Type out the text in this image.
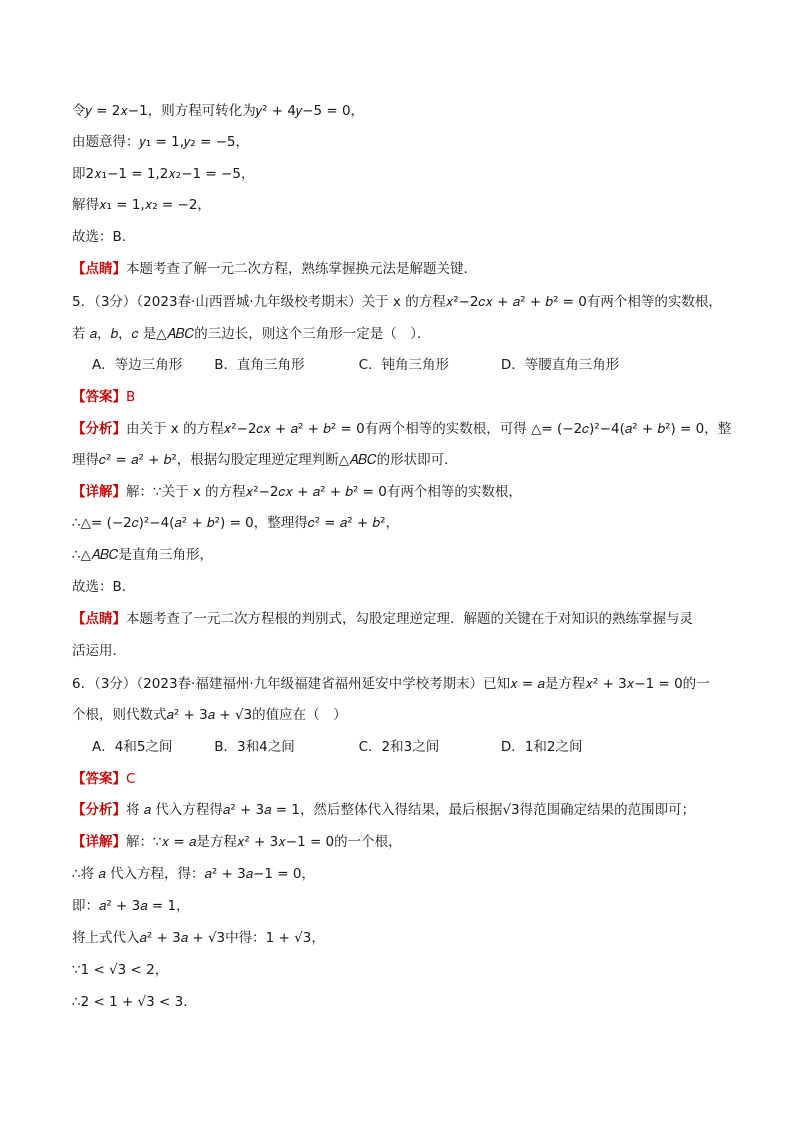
令𝑦 = 2𝑥−1，则方程可转化为𝑦² + 4𝑦−5 = 0，
由题意得：𝑦₁ = 1,𝑦₂ = −5，
即2𝑥₁−1 = 1,2𝑥₂−1 = −5，
解得𝑥₁ = 1,𝑥₂ = −2，
故选：B．
【点睛】本题考查了解一元二次方程，熟练掌握换元法是解题关键．
5．（3分）（2023春·山西晋城·九年级校考期末）关于 x 的方程𝑥²−2𝑐𝑥 + 𝑎² + 𝑏² = 0有两个相等的实数根，
若 𝑎，𝑏，𝑐 是△𝐴𝐵𝐶的三边长，则这个三角形一定是（　）．
A．等边三角形 B．直角三角形	C．钝角三角形	D．等腰直角三角形
【答案】B
【分析】由关于 x 的方程𝑥²−2𝑐𝑥 + 𝑎² + 𝑏² = 0有两个相等的实数根，可得 △= (−2𝑐)²−4(𝑎² + 𝑏²) = 0，整
理得𝑐² = 𝑎² + 𝑏²，根据勾股定理逆定理判断△𝐴𝐵𝐶的形状即可．
【详解】解：∵关于 x 的方程𝑥²−2𝑐𝑥 + 𝑎² + 𝑏² = 0有两个相等的实数根，
∴△= (−2𝑐)²−4(𝑎² + 𝑏²) = 0，整理得𝑐² = 𝑎² + 𝑏²，
∴△𝐴𝐵𝐶是直角三角形，
故选：B．
【点睛】本题考查了一元二次方程根的判别式，勾股定理逆定理．解题的关键在于对知识的熟练掌握与灵
活运用．
6．（3分）（2023春·福建福州·九年级福建省福州延安中学校考期末）已知𝑥 = 𝑎是方程𝑥² + 3𝑥−1 = 0的一
个根，则代数式𝑎² + 3𝑎 + √3的值应在（　）
A．4和5之间	B．3和4之间	C．2和3之间	D．1和2之间
【答案】C
【分析】将 𝑎 代入方程得𝑎² + 3𝑎 = 1，然后整体代入得结果，最后根据√3得范围确定结果的范围即可；
【详解】解：∵𝑥 = 𝑎是方程𝑥² + 3𝑥−1 = 0的一个根，
∴将 𝑎 代入方程，得：𝑎² + 3𝑎−1 = 0，
即：𝑎² + 3𝑎 = 1，
将上式代入𝑎² + 3𝑎 + √3中得：1 + √3，
∵1 < √3 < 2，
∴2 < 1 + √3 < 3．
